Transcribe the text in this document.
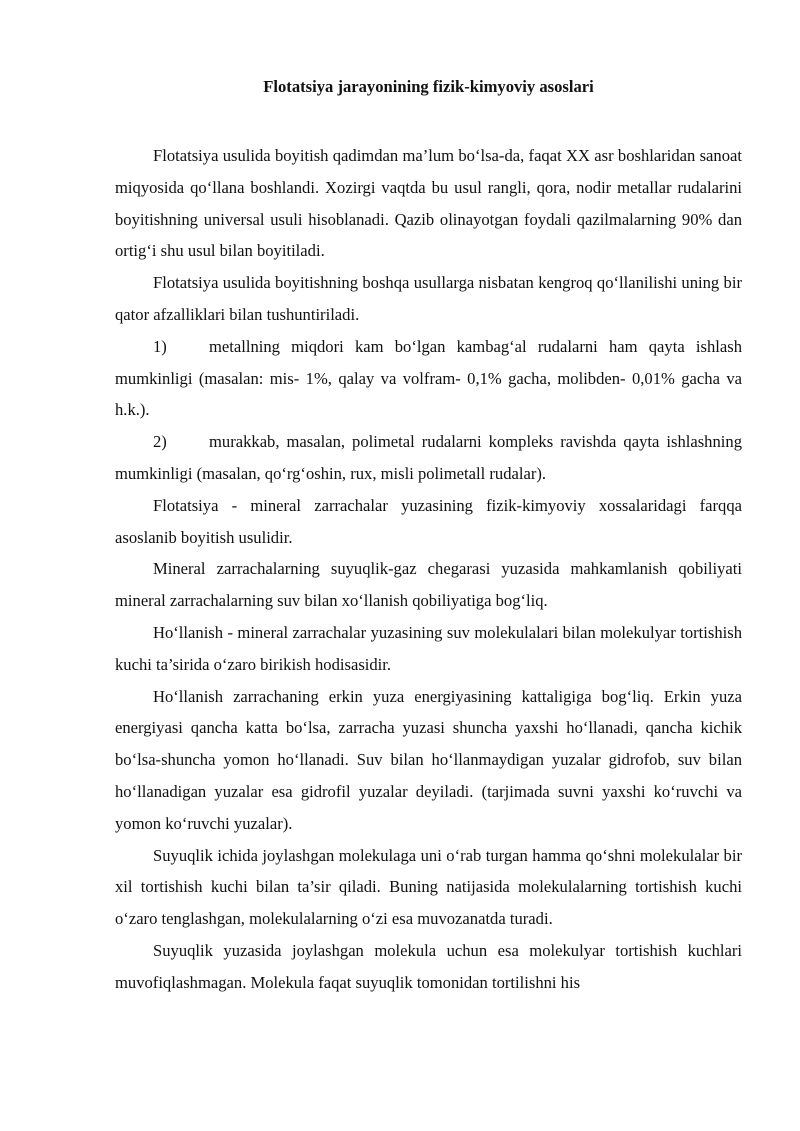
Flotatsiya jarayonining fizik-kimyoviy asoslari

Flotatsiya usulida boyitish qadimdan ma’lum bo‘lsa-da, faqat XX asr boshlaridan sanoat miqyosida qo‘llana boshlandi. Xozirgi vaqtda bu usul rangli, qora, nodir metallar rudalarini boyitishning universal usuli hisoblanadi. Qazib olinayotgan foydali qazilmalarning 90% dan ortig‘i shu usul bilan boyitiladi.

Flotatsiya usulida boyitishning boshqa usullarga nisbatan kengroq qo‘llanilishi uning bir qator afzalliklari bilan tushuntiriladi.

1)	metallning miqdori kam bo‘lgan kambag‘al rudalarni ham qayta ishlash mumkinligi (masalan: mis- 1%, qalay va volfram- 0,1% gacha, molibden- 0,01% gacha va h.k.).

2)	murakkab, masalan, polimetal rudalarni kompleks ravishda qayta ishlashning mumkinligi (masalan, qo‘rg‘oshin, rux, misli polimetall rudalar).

Flotatsiya - mineral zarrachalar yuzasining fizik-kimyoviy xossalaridagi farqqa asoslanib boyitish usulidir.

Mineral zarrachalarning suyuqlik-gaz chegarasi yuzasida mahkamlanish qobiliyati mineral zarrachalarning suv bilan xo‘llanish qobiliyatiga bog‘liq.

Ho‘llanish - mineral zarrachalar yuzasining suv molekulalari bilan molekulyar tortishish kuchi ta’sirida o‘zaro birikish hodisasidir.

Ho‘llanish zarrachaning erkin yuza energiyasining kattaligiga bog‘liq. Erkin yuza energiyasi qancha katta bo‘lsa, zarracha yuzasi shuncha yaxshi ho‘llanadi, qancha kichik bo‘lsa-shuncha yomon ho‘llanadi. Suv bilan ho‘llanmaydigan yuzalar gidrofob, suv bilan ho‘llanadigan yuzalar esa gidrofil yuzalar deyiladi. (tarjimada suvni yaxshi ko‘ruvchi va yomon ko‘ruvchi yuzalar).

Suyuqlik ichida joylashgan molekulaga uni o‘rab turgan hamma qo‘shni molekulalar bir xil tortishish kuchi bilan ta’sir qiladi. Buning natijasida molekulalarning tortishish kuchi o‘zaro tenglashgan, molekulalarning o‘zi esa muvozanatda turadi.

Suyuqlik yuzasida joylashgan molekula uchun esa molekulyar tortishish kuchlari muvofiqlashmagan. Molekula faqat suyuqlik tomonidan tortilishni his
